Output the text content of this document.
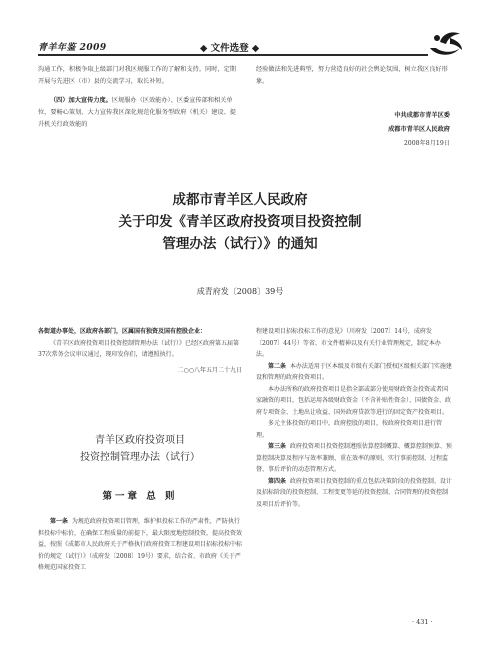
青羊年鉴 2009	◆ 文件选登 ◆

沟通工作，积极争取上级部门对我区规服工作的了解和支持。同时，定期开展与先进区（市）县的交流学习，取长补短。

（四）加大宣传力度。区规服办（区效能办）、区委宣传部和相关单位，要畅心策划、大力宣传我区深化规范化服务型政府（机关）建设、提升机关行政效能的

经验做法和先进典型，努力营造良好的社会舆论氛围，树立我区良好形象。

中共成都市青羊区委
成都市青羊区人民政府
2008年8月19日
成都市青羊区人民政府
关于印发《青羊区政府投资项目投资控制
管理办法（试行）》的通知
成青府发〔2008〕39号
各街道办事处，区政府各部门，区属国有独资及国有控股企业：
《青羊区政府投资项目投资控制管理办法（试行）》已经区政府第五届第37次常务会议审议通过，现印发你们，请遵照执行。
二○○八年五月二十九日
青羊区政府投资项目
投资控制管理办法（试行）
第一章 总 则
第一条 为规范政府投资项目管理，维护担投标工作的严肃性，严防执行担投标中标价，在确保工程质量的前提下，最大限度地控制投资，提高投资效益，按照《成都市人民政府关于严格执行政府投资工程建设项目招标投标中标价的规定（试行）》（成府发〔2008〕19号）要求，结合省、市政府《关于严格规范国家投资工
程建设项目招标投标工作的意见》（川府发〔2007〕14号，成府发〔2007〕44号）等省、市文件精神以及有关行业管理规定，制定本办法。
第二条 本办法适用于区本级及市级有关部门授权区级相关部门实施建设和管理的政府投资项目。
本办法所称的政府投资项目是指全部或部分使用财政资金投资或者国家融资的项目，包括运用各级财政资金（不含补贴性资金）、国债资金、政府专项资金、土地出让收益、国外政府贷款等进行的固定资产投资项目。
多元主体投资的项目中，政府控股的项目，按政府投资项目进行管理。
第三条 政府投资项目投资控制遵照估算控制概算、概算控制预算、预算控制决算及程序与效率兼顾、重在效率的原则，实行事前控制、过程监督、事后评价的动态管理方式。
第四条 政府投资项目投资控制的重点包括决策阶段的投资控制、设计及招标阶段的投资控制、工程变更等延的投资控制、合同管理的投资控制及项目后评价等。
· 431 ·
